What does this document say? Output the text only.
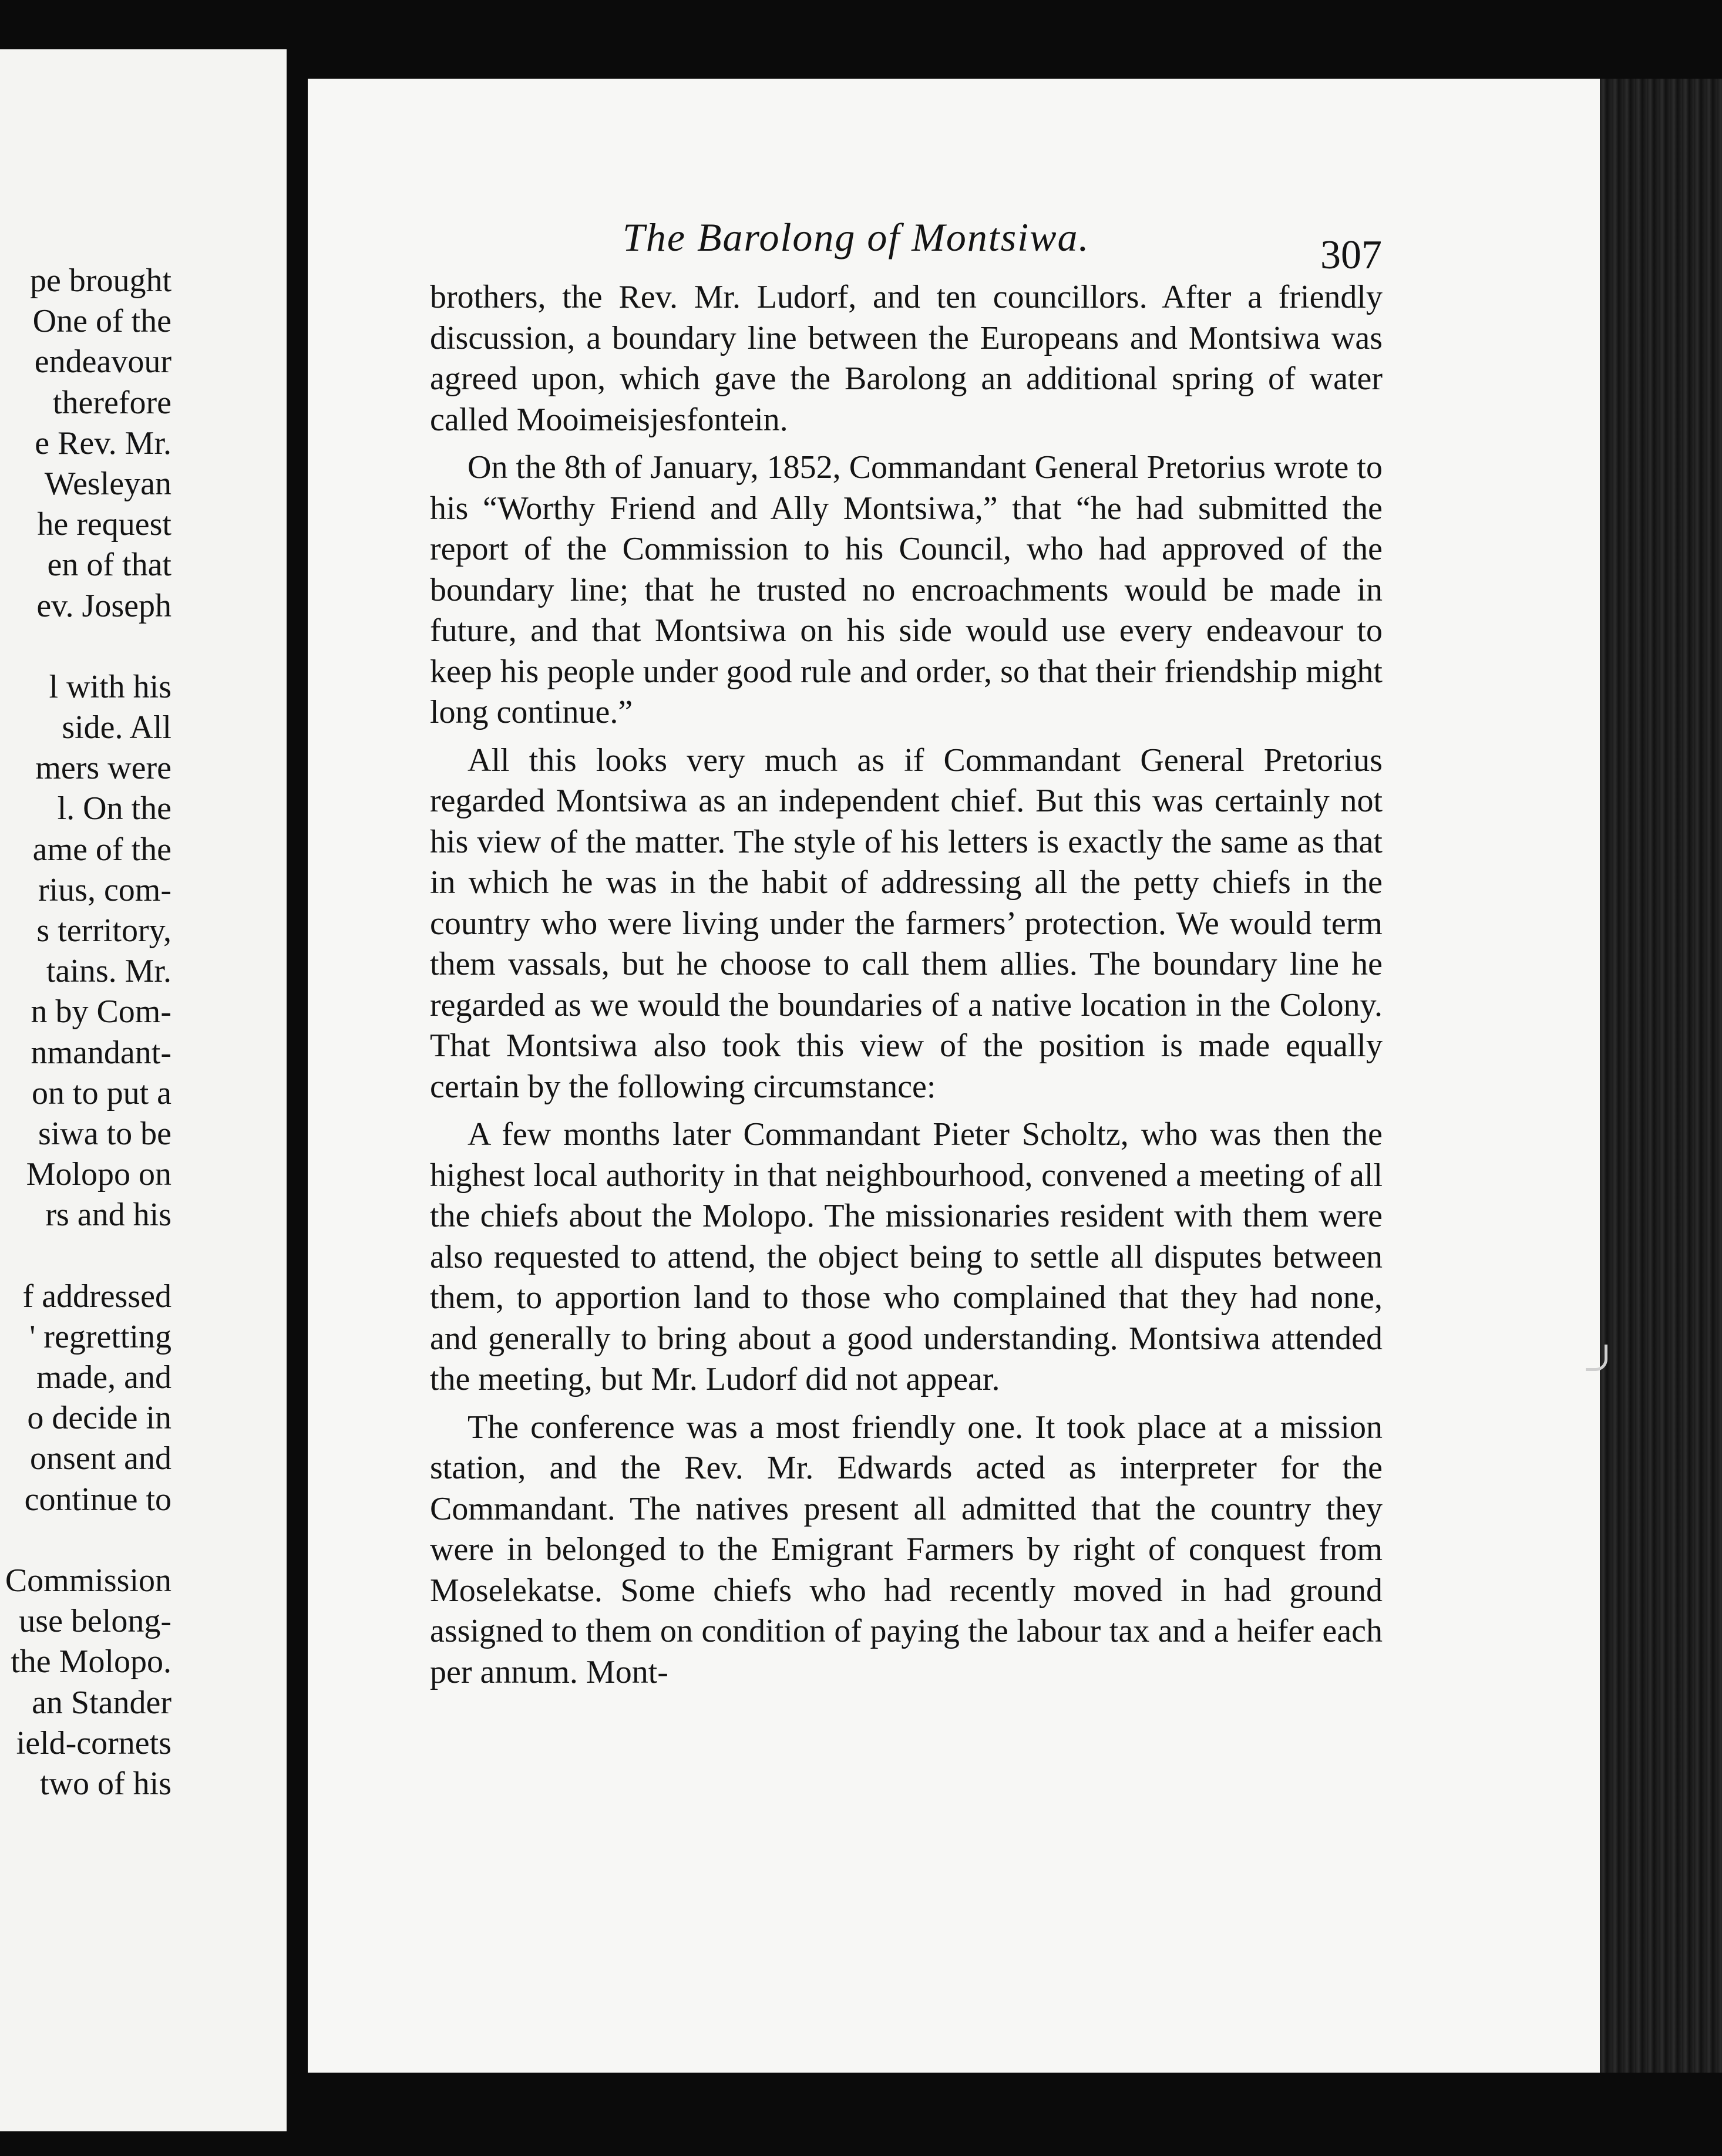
pe brought
One of the
endeavour
therefore
e Rev. Mr.
Wesleyan
he request
en of that
ev. Joseph
l with his
side. All
mers were
l. On the
ame of the
rius, com-
s territory,
tains. Mr.
n by Com-
nmandant-
on to put a
siwa to be
Molopo on
rs and his
f addressed
' regretting
made, and
o decide in
onsent and
continue to
Commission
use belong-
the Molopo.
an Stander
ield-cornets
two of his
The Barolong of Montsiwa.	307

brothers, the Rev. Mr. Ludorf, and ten councillors. After a friendly discussion, a boundary line between the Europeans and Montsiwa was agreed upon, which gave the Barolong an additional spring of water called Mooimeisjesfontein.

On the 8th of January, 1852, Commandant General Pretorius wrote to his “Worthy Friend and Ally Montsiwa,” that “he had submitted the report of the Commission to his Council, who had approved of the boundary line; that he trusted no encroachments would be made in future, and that Montsiwa on his side would use every endeavour to keep his people under good rule and order, so that their friendship might long continue.”

All this looks very much as if Commandant General Pretorius regarded Montsiwa as an independent chief. But this was certainly not his view of the matter. The style of his letters is exactly the same as that in which he was in the habit of addressing all the petty chiefs in the country who were living under the farmers’ protection. We would term them vassals, but he choose to call them allies. The boundary line he regarded as we would the boundaries of a native location in the Colony. That Montsiwa also took this view of the position is made equally certain by the following circumstance:

A few months later Commandant Pieter Scholtz, who was then the highest local authority in that neighbourhood, convened a meeting of all the chiefs about the Molopo. The missionaries resident with them were also requested to attend, the object being to settle all disputes between them, to apportion land to those who complained that they had none, and generally to bring about a good understanding. Montsiwa attended the meeting, but Mr. Ludorf did not appear.

The conference was a most friendly one. It took place at a mission station, and the Rev. Mr. Edwards acted as interpreter for the Commandant. The natives present all admitted that the country they were in belonged to the Emigrant Farmers by right of conquest from Moselekatse. Some chiefs who had recently moved in had ground assigned to them on condition of paying the labour tax and a heifer each per annum. Mont-
